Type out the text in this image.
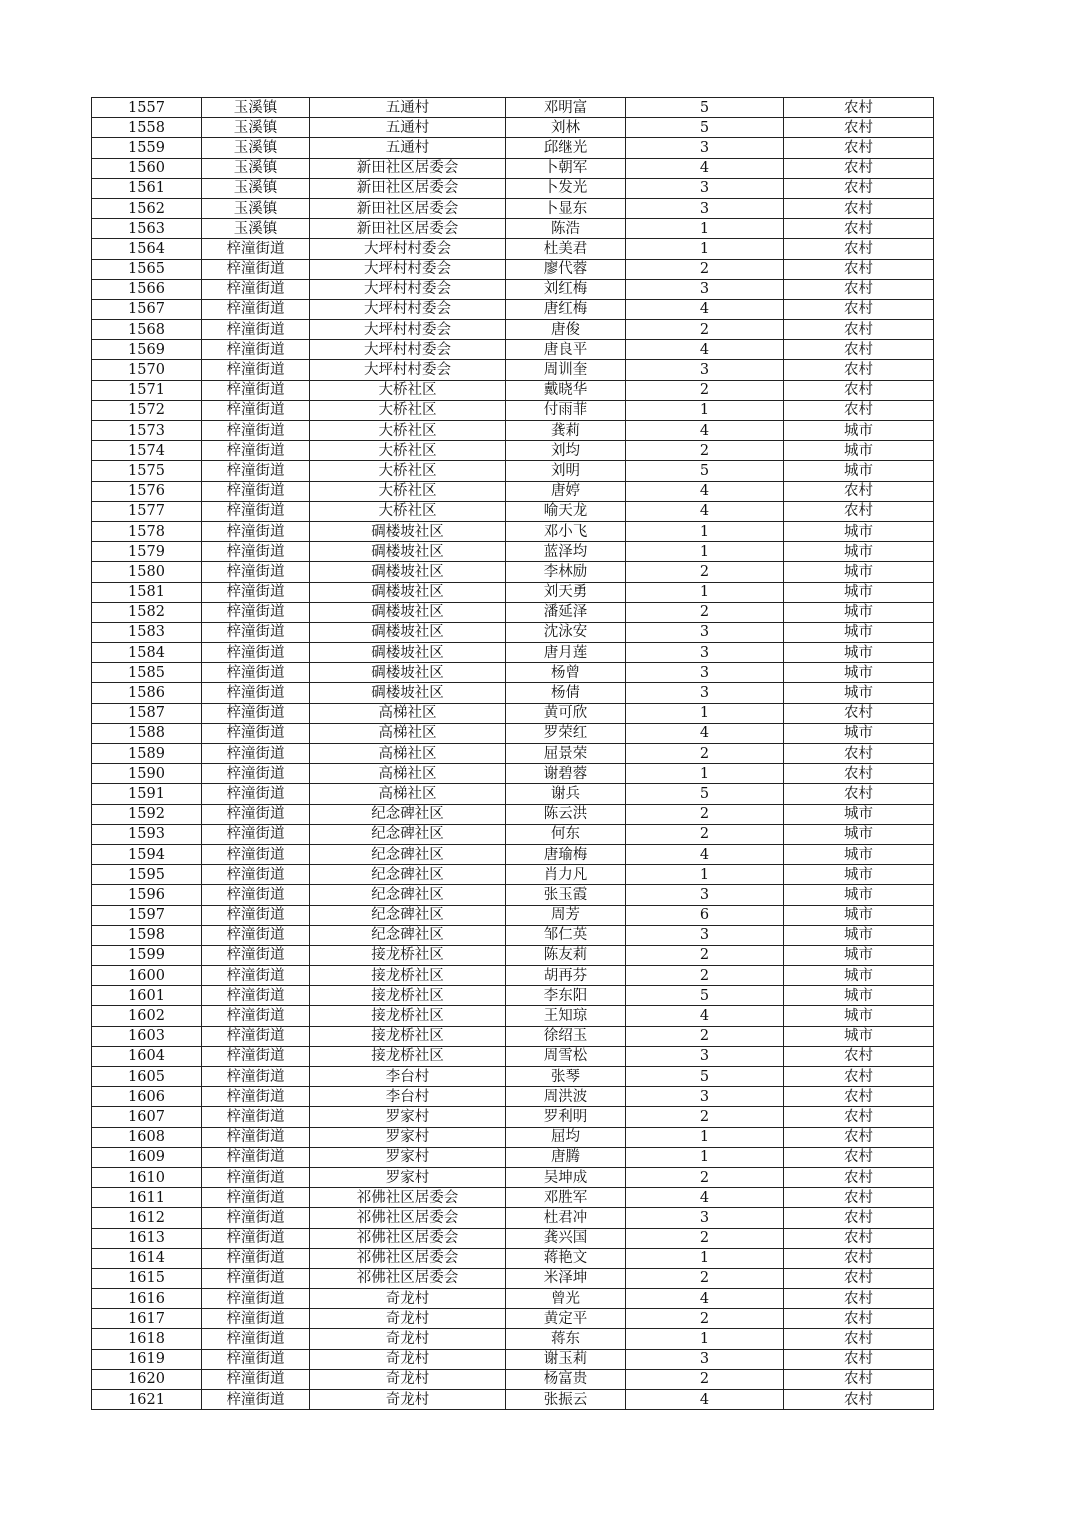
1557	玉溪镇	五通村	邓明富	5	农村
1558	玉溪镇	五通村	刘林	5	农村
1559	玉溪镇	五通村	邱继光	3	农村
1560	玉溪镇	新田社区居委会	卜朝军	4	农村
1561	玉溪镇	新田社区居委会	卜发光	3	农村
1562	玉溪镇	新田社区居委会	卜显东	3	农村
1563	玉溪镇	新田社区居委会	陈浩	1	农村
1564	梓潼街道	大坪村村委会	杜美君	1	农村
1565	梓潼街道	大坪村村委会	廖代蓉	2	农村
1566	梓潼街道	大坪村村委会	刘红梅	3	农村
1567	梓潼街道	大坪村村委会	唐红梅	4	农村
1568	梓潼街道	大坪村村委会	唐俊	2	农村
1569	梓潼街道	大坪村村委会	唐良平	4	农村
1570	梓潼街道	大坪村村委会	周训奎	3	农村
1571	梓潼街道	大桥社区	戴晓华	2	农村
1572	梓潼街道	大桥社区	付雨菲	1	农村
1573	梓潼街道	大桥社区	龚莉	4	城市
1574	梓潼街道	大桥社区	刘均	2	城市
1575	梓潼街道	大桥社区	刘明	5	城市
1576	梓潼街道	大桥社区	唐婷	4	农村
1577	梓潼街道	大桥社区	喻天龙	4	农村
1578	梓潼街道	碉楼坡社区	邓小飞	1	城市
1579	梓潼街道	碉楼坡社区	蓝泽均	1	城市
1580	梓潼街道	碉楼坡社区	李林励	2	城市
1581	梓潼街道	碉楼坡社区	刘天勇	1	城市
1582	梓潼街道	碉楼坡社区	潘延泽	2	城市
1583	梓潼街道	碉楼坡社区	沈泳安	3	城市
1584	梓潼街道	碉楼坡社区	唐月莲	3	城市
1585	梓潼街道	碉楼坡社区	杨曾	3	城市
1586	梓潼街道	碉楼坡社区	杨倩	3	城市
1587	梓潼街道	高梯社区	黄可欣	1	农村
1588	梓潼街道	高梯社区	罗荣红	4	城市
1589	梓潼街道	高梯社区	屈景荣	2	农村
1590	梓潼街道	高梯社区	谢碧蓉	1	农村
1591	梓潼街道	高梯社区	谢兵	5	农村
1592	梓潼街道	纪念碑社区	陈云洪	2	城市
1593	梓潼街道	纪念碑社区	何东	2	城市
1594	梓潼街道	纪念碑社区	唐瑜梅	4	城市
1595	梓潼街道	纪念碑社区	肖力凡	1	城市
1596	梓潼街道	纪念碑社区	张玉霞	3	城市
1597	梓潼街道	纪念碑社区	周芳	6	城市
1598	梓潼街道	纪念碑社区	邹仁英	3	城市
1599	梓潼街道	接龙桥社区	陈友莉	2	城市
1600	梓潼街道	接龙桥社区	胡再芬	2	城市
1601	梓潼街道	接龙桥社区	李东阳	5	城市
1602	梓潼街道	接龙桥社区	王知琼	4	城市
1603	梓潼街道	接龙桥社区	徐绍玉	2	城市
1604	梓潼街道	接龙桥社区	周雪松	3	农村
1605	梓潼街道	李台村	张琴	5	农村
1606	梓潼街道	李台村	周洪波	3	农村
1607	梓潼街道	罗家村	罗利明	2	农村
1608	梓潼街道	罗家村	屈均	1	农村
1609	梓潼街道	罗家村	唐腾	1	农村
1610	梓潼街道	罗家村	吴坤成	2	农村
1611	梓潼街道	祁佛社区居委会	邓胜军	4	农村
1612	梓潼街道	祁佛社区居委会	杜君冲	3	农村
1613	梓潼街道	祁佛社区居委会	龚兴国	2	农村
1614	梓潼街道	祁佛社区居委会	蒋艳文	1	农村
1615	梓潼街道	祁佛社区居委会	米泽坤	2	农村
1616	梓潼街道	奇龙村	曾光	4	农村
1617	梓潼街道	奇龙村	黄定平	2	农村
1618	梓潼街道	奇龙村	蒋东	1	农村
1619	梓潼街道	奇龙村	谢玉莉	3	农村
1620	梓潼街道	奇龙村	杨富贵	2	农村
1621	梓潼街道	奇龙村	张振云	4	农村
